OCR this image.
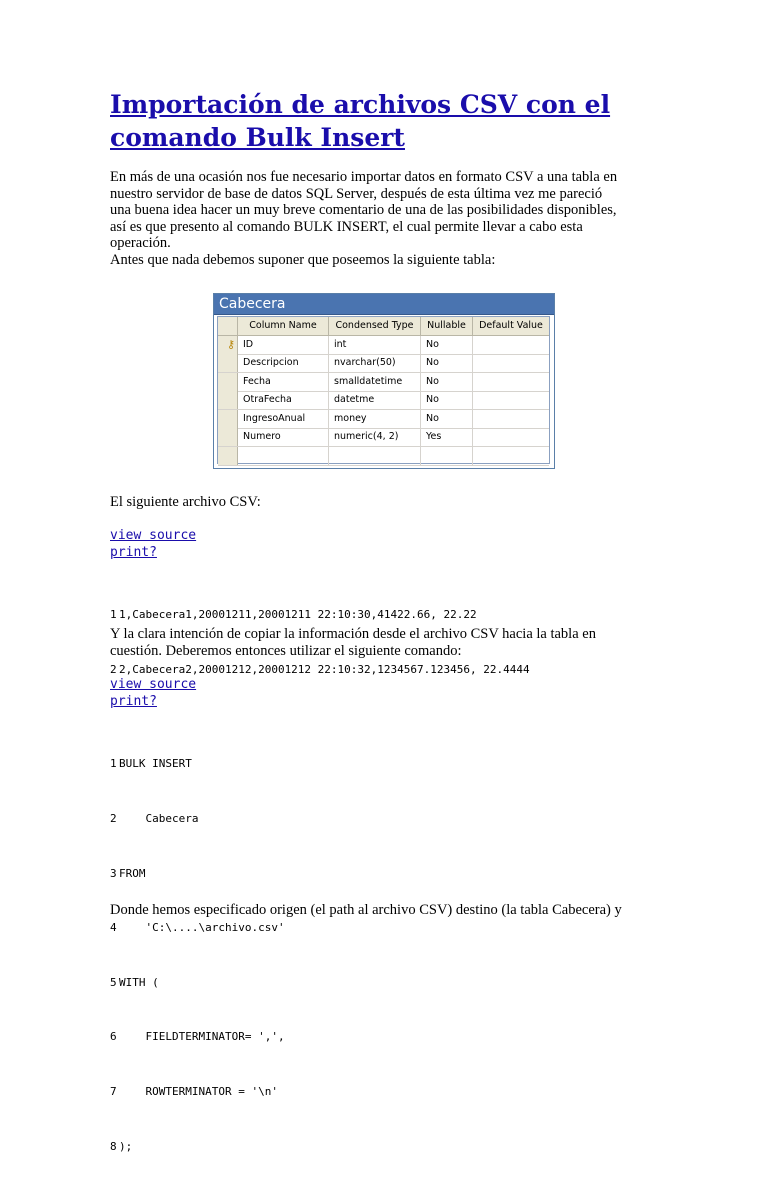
Importación de archivos CSV con el
comando Bulk Insert
En más de una ocasión nos fue necesario importar datos en formato CSV a una tabla en
nuestro servidor de base de datos SQL Server, después de esta última vez me pareció
una buena idea hacer un muy breve comentario de una de las posibilidades disponibles,
así es que presento al comando BULK INSERT, el cual permite llevar a cabo esta
operación.
Antes que nada debemos suponer que poseemos la siguiente tabla:
Cabecera
Column Name	Condensed Type	Nullable	Default Value
⚷ ID	int	No
Descripcion	nvarchar(50)	No
Fecha	smalldatetime	No
OtraFecha	datetme	No
IngresoAnual	money	No
Numero	numeric(4, 2)	Yes
El siguiente archivo CSV:
view source
print?

1 1,Cabecera1,20001211,20001211 22:10:30,41422.66, 22.22

2 2,Cabecera2,20001212,20001212 22:10:32,1234567.123456, 22.4444

Y la clara intención de copiar la información desde el archivo CSV hacia la tabla en
cuestión. Deberemos entonces utilizar el siguiente comando:
view source
print?

1 BULK INSERT

2    Cabecera

3 FROM

4    'C:\....\archivo.csv'

5 WITH (

6    FIELDTERMINATOR= ',',

7    ROWTERMINATOR = '\n'

8 );

Donde hemos especificado origen (el path al archivo CSV) destino (la tabla Cabecera) y
